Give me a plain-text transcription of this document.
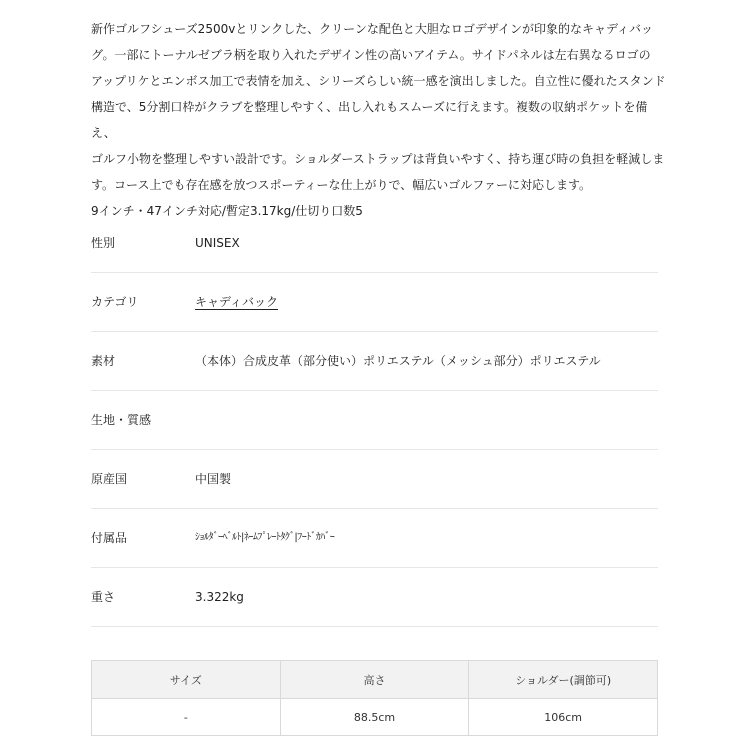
新作ゴルフシューズ2500vとリンクした、クリーンな配色と大胆なロゴデザインが印象的なキャディバッ

グ。一部にトーナルゼブラ柄を取り入れたデザイン性の高いアイテム。サイドパネルは左右異なるロゴの

アップリケとエンボス加工で表情を加え、シリーズらしい統一感を演出しました。自立性に優れたスタンド

構造で、5分割口枠がクラブを整理しやすく、出し入れもスムーズに行えます。複数の収納ポケットを備え、

ゴルフ小物を整理しやすい設計です。ショルダーストラップは背負いやすく、持ち運び時の負担を軽減しま

す。コース上でも存在感を放つスポーティーな仕上がりで、幅広いゴルファーに対応します。

9インチ・47インチ対応/暫定3.17kg/仕切り口数5

性別	UNISEX
カテゴリ	キャディバック
素材	（本体）合成皮革（部分使い）ポリエステル（メッシュ部分）ポリエステル
生地・質感
原産国	中国製
付属品	ｼｮﾙﾀﾞｰﾍﾞﾙﾄ|ﾈｰﾑﾌﾟﾚｰﾄﾀｸﾞ|ﾌｰﾄﾞｶﾊﾞｰ
重さ	3.322kg
サイズ	高さ	ショルダー(調節可)
-	88.5cm	106cm
